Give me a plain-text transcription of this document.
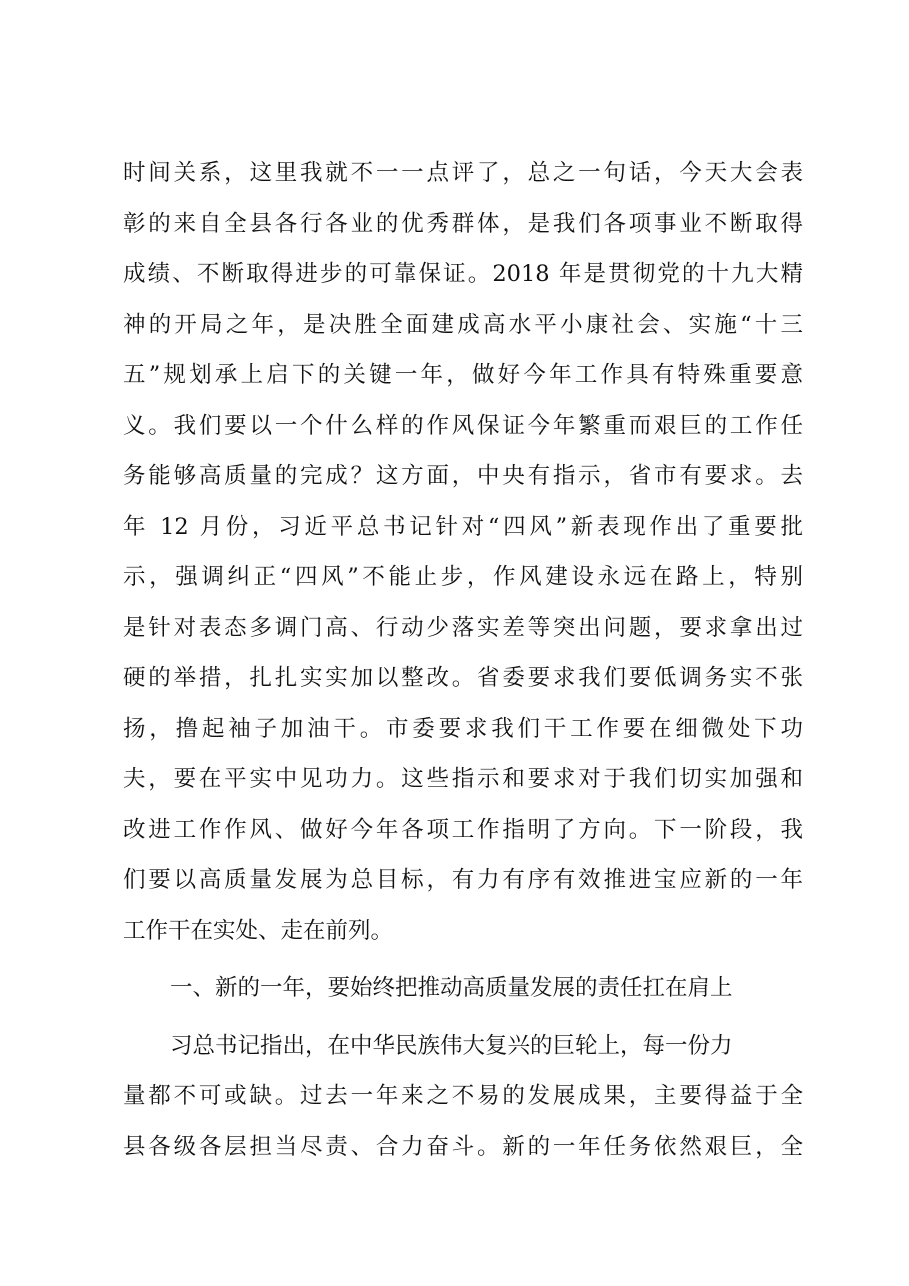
时间关系，这里我就不一一点评了，总之一句话，今天大会表
彰的来自全县各行各业的优秀群体，是我们各项事业不断取得
成绩、不断取得进步的可靠保证。2018 年是贯彻党的十九大精
神的开局之年，是决胜全面建成高水平小康社会、实施“十三
五”规划承上启下的关键一年，做好今年工作具有特殊重要意
义。我们要以一个什么样的作风保证今年繁重而艰巨的工作任
务能够高质量的完成？这方面，中央有指示，省市有要求。去
年 12 月份，习近平总书记针对“四风”新表现作出了重要批
示，强调纠正“四风”不能止步，作风建设永远在路上，特别
是针对表态多调门高、行动少落实差等突出问题，要求拿出过
硬的举措，扎扎实实加以整改。省委要求我们要低调务实不张
扬，撸起袖子加油干。市委要求我们干工作要在细微处下功
夫，要在平实中见功力。这些指示和要求对于我们切实加强和
改进工作作风、做好今年各项工作指明了方向。下一阶段，我
们要以高质量发展为总目标，有力有序有效推进宝应新的一年
工作干在实处、走在前列。
一、新的一年，要始终把推动高质量发展的责任扛在肩上
习总书记指出，在中华民族伟大复兴的巨轮上，每一份力
量都不可或缺。过去一年来之不易的发展成果，主要得益于全
县各级各层担当尽责、合力奋斗。新的一年任务依然艰巨，全
